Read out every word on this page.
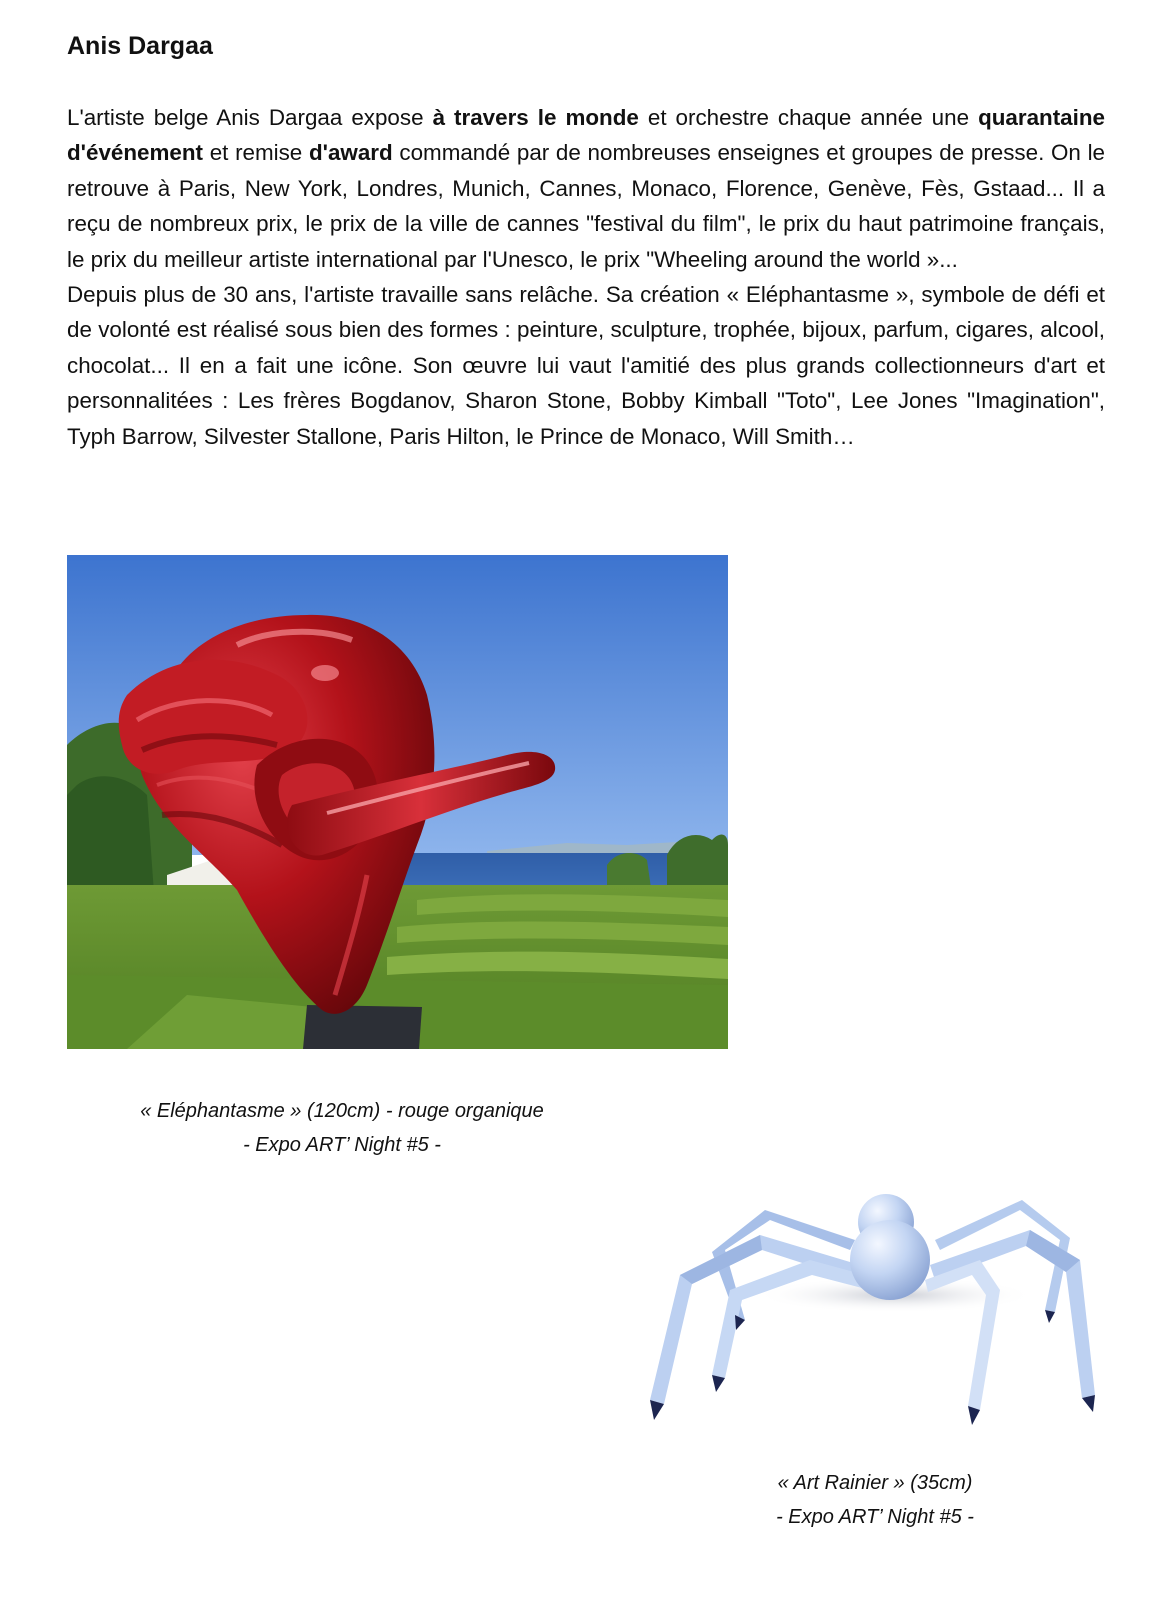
Anis Dargaa

L'artiste belge Anis Dargaa expose à travers le monde et orchestre chaque année une quarantaine d'événement et remise d'award commandé par de nombreuses enseignes et groupes de presse. On le retrouve à Paris, New York, Londres, Munich, Cannes, Monaco, Florence, Genève, Fès, Gstaad... Il a reçu de nombreux prix, le prix de la ville de cannes "festival du film", le prix du haut patrimoine français, le prix du meilleur artiste international par l'Unesco, le prix "Wheeling around the world »...

Depuis plus de 30 ans, l'artiste travaille sans relâche. Sa création « Eléphantasme », symbole de défi et de volonté est réalisé sous bien des formes : peinture, sculpture, trophée, bijoux, parfum, cigares, alcool, chocolat... Il en a fait une icône. Son œuvre lui vaut l'amitié des plus grands collectionneurs d'art et personnalitées : Les frères Bogdanov, Sharon Stone, Bobby Kimball "Toto", Lee Jones "Imagination", Typh Barrow, Silvester Stallone, Paris Hilton, le Prince de Monaco, Will Smith…

« Eléphantasme » (120cm) - rouge organique
- Expo ART’ Night #5 -
« Art Rainier » (35cm)
- Expo ART’ Night #5 -
